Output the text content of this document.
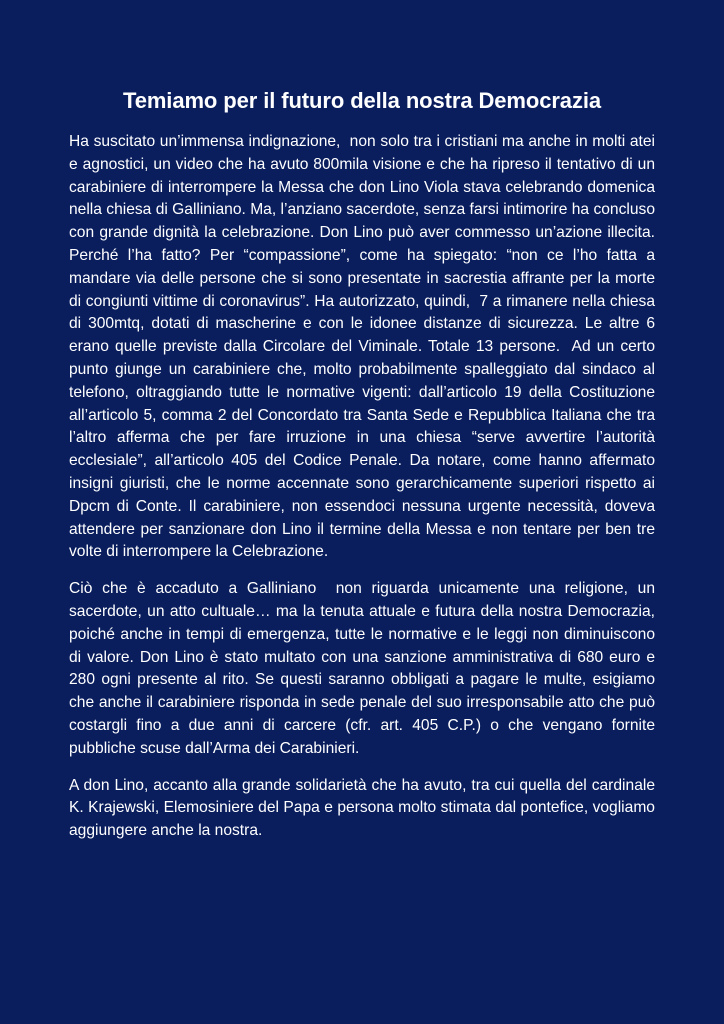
Temiamo per il futuro della nostra Democrazia

Ha suscitato un’immensa indignazione,  non solo tra i cristiani ma anche in molti atei e agnostici, un video che ha avuto 800mila visione e che ha ripreso il tentativo di un carabiniere di interrompere la Messa che don Lino Viola stava celebrando domenica nella chiesa di Galliniano. Ma, l’anziano sacerdote, senza farsi intimorire ha concluso con grande dignità la celebrazione. Don Lino può aver commesso un’azione illecita. Perché l’ha fatto? Per “compassione”, come ha spiegato: “non ce l’ho fatta a mandare via delle persone che si sono presentate in sacrestia affrante per la morte di congiunti vittime di coronavirus”. Ha autorizzato, quindi,  7 a rimanere nella chiesa di 300mtq, dotati di mascherine e con le idonee distanze di sicurezza. Le altre 6 erano quelle previste dalla Circolare del Viminale. Totale 13 persone.  Ad un certo punto giunge un carabiniere che, molto probabilmente spalleggiato dal sindaco al telefono, oltraggiando tutte le normative vigenti: dall’articolo 19 della Costituzione all’articolo 5, comma 2 del Concordato tra Santa Sede e Repubblica Italiana che tra l’altro afferma che per fare irruzione in una chiesa “serve avvertire l’autorità ecclesiale”, all’articolo 405 del Codice Penale. Da notare, come hanno affermato insigni giuristi, che le norme accennate sono gerarchicamente superiori rispetto ai Dpcm di Conte. Il carabiniere, non essendoci nessuna urgente necessità, doveva attendere per sanzionare don Lino il termine della Messa e non tentare per ben tre volte di interrompere la Celebrazione.

Ciò che è accaduto a Galliniano  non riguarda unicamente una religione, un sacerdote, un atto cultuale… ma la tenuta attuale e futura della nostra Democrazia, poiché anche in tempi di emergenza, tutte le normative e le leggi non diminuiscono di valore. Don Lino è stato multato con una sanzione amministrativa di 680 euro e 280 ogni presente al rito. Se questi saranno obbligati a pagare le multe, esigiamo che anche il carabiniere risponda in sede penale del suo irresponsabile atto che può costargli fino a due anni di carcere (cfr. art. 405 C.P.) o che vengano fornite pubbliche scuse dall’Arma dei Carabinieri.

A don Lino, accanto alla grande solidarietà che ha avuto, tra cui quella del cardinale K. Krajewski, Elemosiniere del Papa e persona molto stimata dal pontefice, vogliamo aggiungere anche la nostra.
